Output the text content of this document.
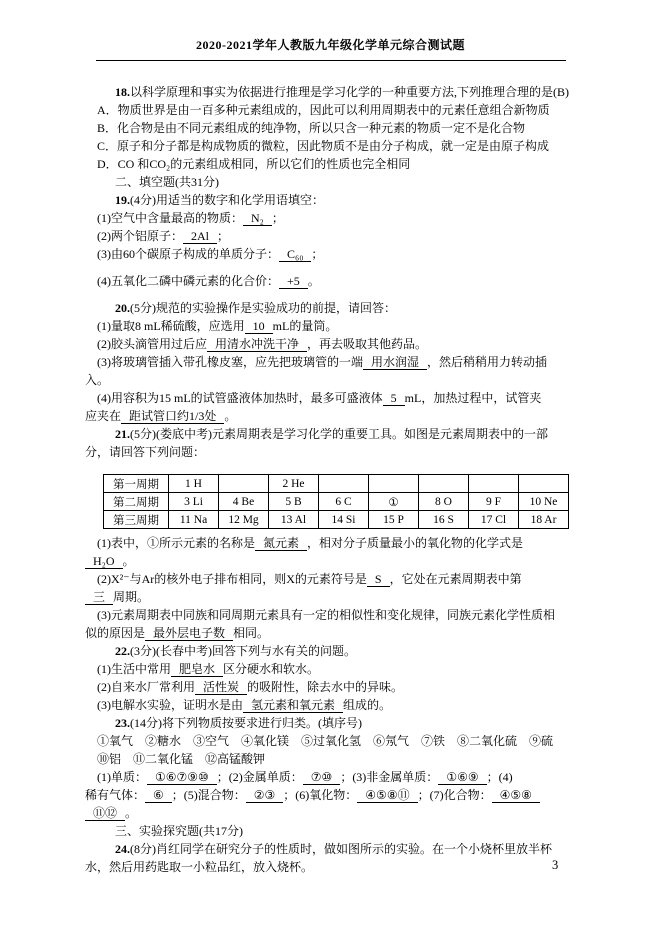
2020-2021学年人教版九年级化学单元综合测试题
18.以科学原理和事实为依据进行推理是学习化学的一种重要方法,下列推理合理的是(B)
A．物质世界是由一百多种元素组成的，因此可以利用周期表中的元素任意组合新物质
B．化合物是由不同元素组成的纯净物，所以只含一种元素的物质一定不是化合物
C．原子和分子都是构成物质的微粒，因此物质不是由分子构成，就一定是由原子构成
D．CO 和CO₂的元素组成相同，所以它们的性质也完全相同
二、填空题(共31分)
19.(4分)用适当的数字和化学用语填空：
(1)空气中含量最高的物质： N₂ ；
(2)两个铝原子： 2Al ；
(3)由60个碳原子构成的单质分子： C₆₀ ；
(4)五氧化二磷中磷元素的化合价： +5 。
20.(5分)规范的实验操作是实验成功的前提，请回答：
(1)量取8 mL稀硫酸，应选用 10 mL的量筒。
(2)胶头滴管用过后应 用清水冲洗干净 ，再去吸取其他药品。
(3)将玻璃管插入带孔橡皮塞，应先把玻璃管的一端 用水润湿 ，然后稍稍用力转动插
入。
(4)用容积为15 mL的试管盛液体加热时，最多可盛液体 5 mL，加热过程中，试管夹
应夹在 距试管口约1/3处 。
21.(5分)(娄底中考)元素周期表是学习化学的重要工具。如图是元素周期表中的一部
分，请回答下列问题：
第一周期	1 H		2 He					
第二周期	3 Li	4 Be	5 B	6 C	①	8 O	9 F	10 Ne
第三周期	11 Na	12 Mg	13 Al	14 Si	15 P	16 S	17 Cl	18 Ar
(1)表中，①所示元素的名称是 氮元素 ，相对分子质量最小的氧化物的化学式是
H₂O 。
(2)X²⁻与Ar的核外电子排布相同，则X的元素符号是 S ，它处在元素周期表中第
三 周期。
(3)元素周期表中同族和同周期元素具有一定的相似性和变化规律，同族元素化学性质相
似的原因是 最外层电子数 相同。
22.(3分)(长春中考)回答下列与水有关的问题。
(1)生活中常用 肥皂水 区分硬水和软水。
(2)自来水厂常利用 活性炭 的吸附性，除去水中的异味。
(3)电解水实验，证明水是由 氢元素和氧元素 组成的。
23.(14分)将下列物质按要求进行归类。(填序号)
①氧气　②糖水　③空气　④氧化镁　⑤过氧化氢　⑥氖气　⑦铁　⑧二氧化硫　⑨硫
⑩铝　⑪二氧化锰　⑫高锰酸钾
(1)单质： ①⑥⑦⑨⑩ ；(2)金属单质： ⑦⑩ ；(3)非金属单质： ①⑥⑨ ；(4)
稀有气体： ⑥ ；(5)混合物： ②③ ；(6)氧化物： ④⑤⑧⑪ ；(7)化合物： ④⑤⑧
⑪⑫ 。
三、实验探究题(共17分)
24.(8分)肖红同学在研究分子的性质时，做如图所示的实验。在一个小烧杯里放半杯
水，然后用药匙取一小粒品红，放入烧杯。	3
